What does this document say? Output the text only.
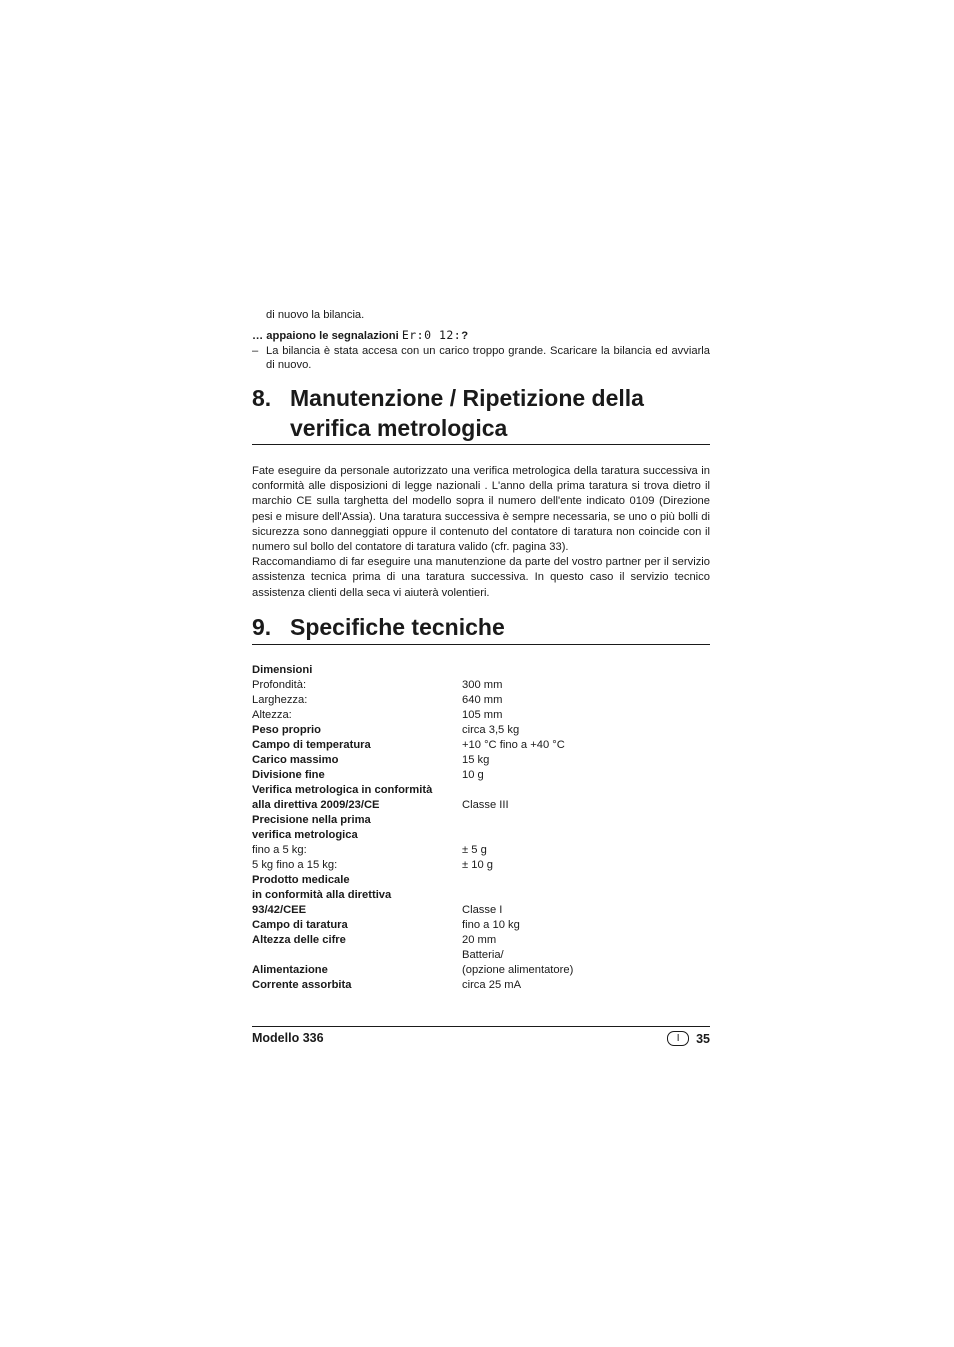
di nuovo la bilancia.
… appaiono le segnalazioni Er:0 12:?
– La bilancia è stata accesa con un carico troppo grande. Scaricare la bilancia ed avviarla di nuovo.
8. Manutenzione / Ripetizione della verifica metrologica

Fate eseguire da personale autorizzato una verifica metrologica della taratura successiva in conformità alle disposizioni di legge nazionali . L'anno della prima taratura si trova dietro il marchio CE sulla targhetta del modello sopra il numero dell'ente indicato 0109 (Direzione pesi e misure dell'Assia). Una taratura successiva è sempre necessaria, se uno o più bolli di sicurezza sono danneggiati oppure il contenuto del contatore di taratura non coincide con il numero sul bollo del contatore di taratura valido (cfr. pagina 33).

Raccomandiamo di far eseguire una manutenzione da parte del vostro partner per il servizio assistenza tecnica prima di una taratura successiva. In questo caso il servizio tecnico assistenza clienti della seca vi aiuterà volentieri.

9. Specifiche tecniche
Dimensioni	
Profondità:	300 mm
Larghezza:	640 mm
Altezza:	105 mm
Peso proprio	circa 3,5 kg
Campo di temperatura	+10 °C fino a +40 °C
Carico massimo	15 kg
Divisione fine	10 g
Verifica metrologica in conformità
alla direttiva 2009/23/CE	Classe III
Precisione nella prima
verifica metrologica	
fino a 5 kg:	± 5 g
5 kg fino a 15 kg:	± 10 g
Prodotto medicale
in conformità alla direttiva
93/42/CEE	Classe I
Campo di taratura	fino a 10 kg
Altezza delle cifre	20 mm
Alimentazione	Batteria/
(opzione alimentatore)
Corrente assorbita	circa 25 mA
Modello 336	I	35
